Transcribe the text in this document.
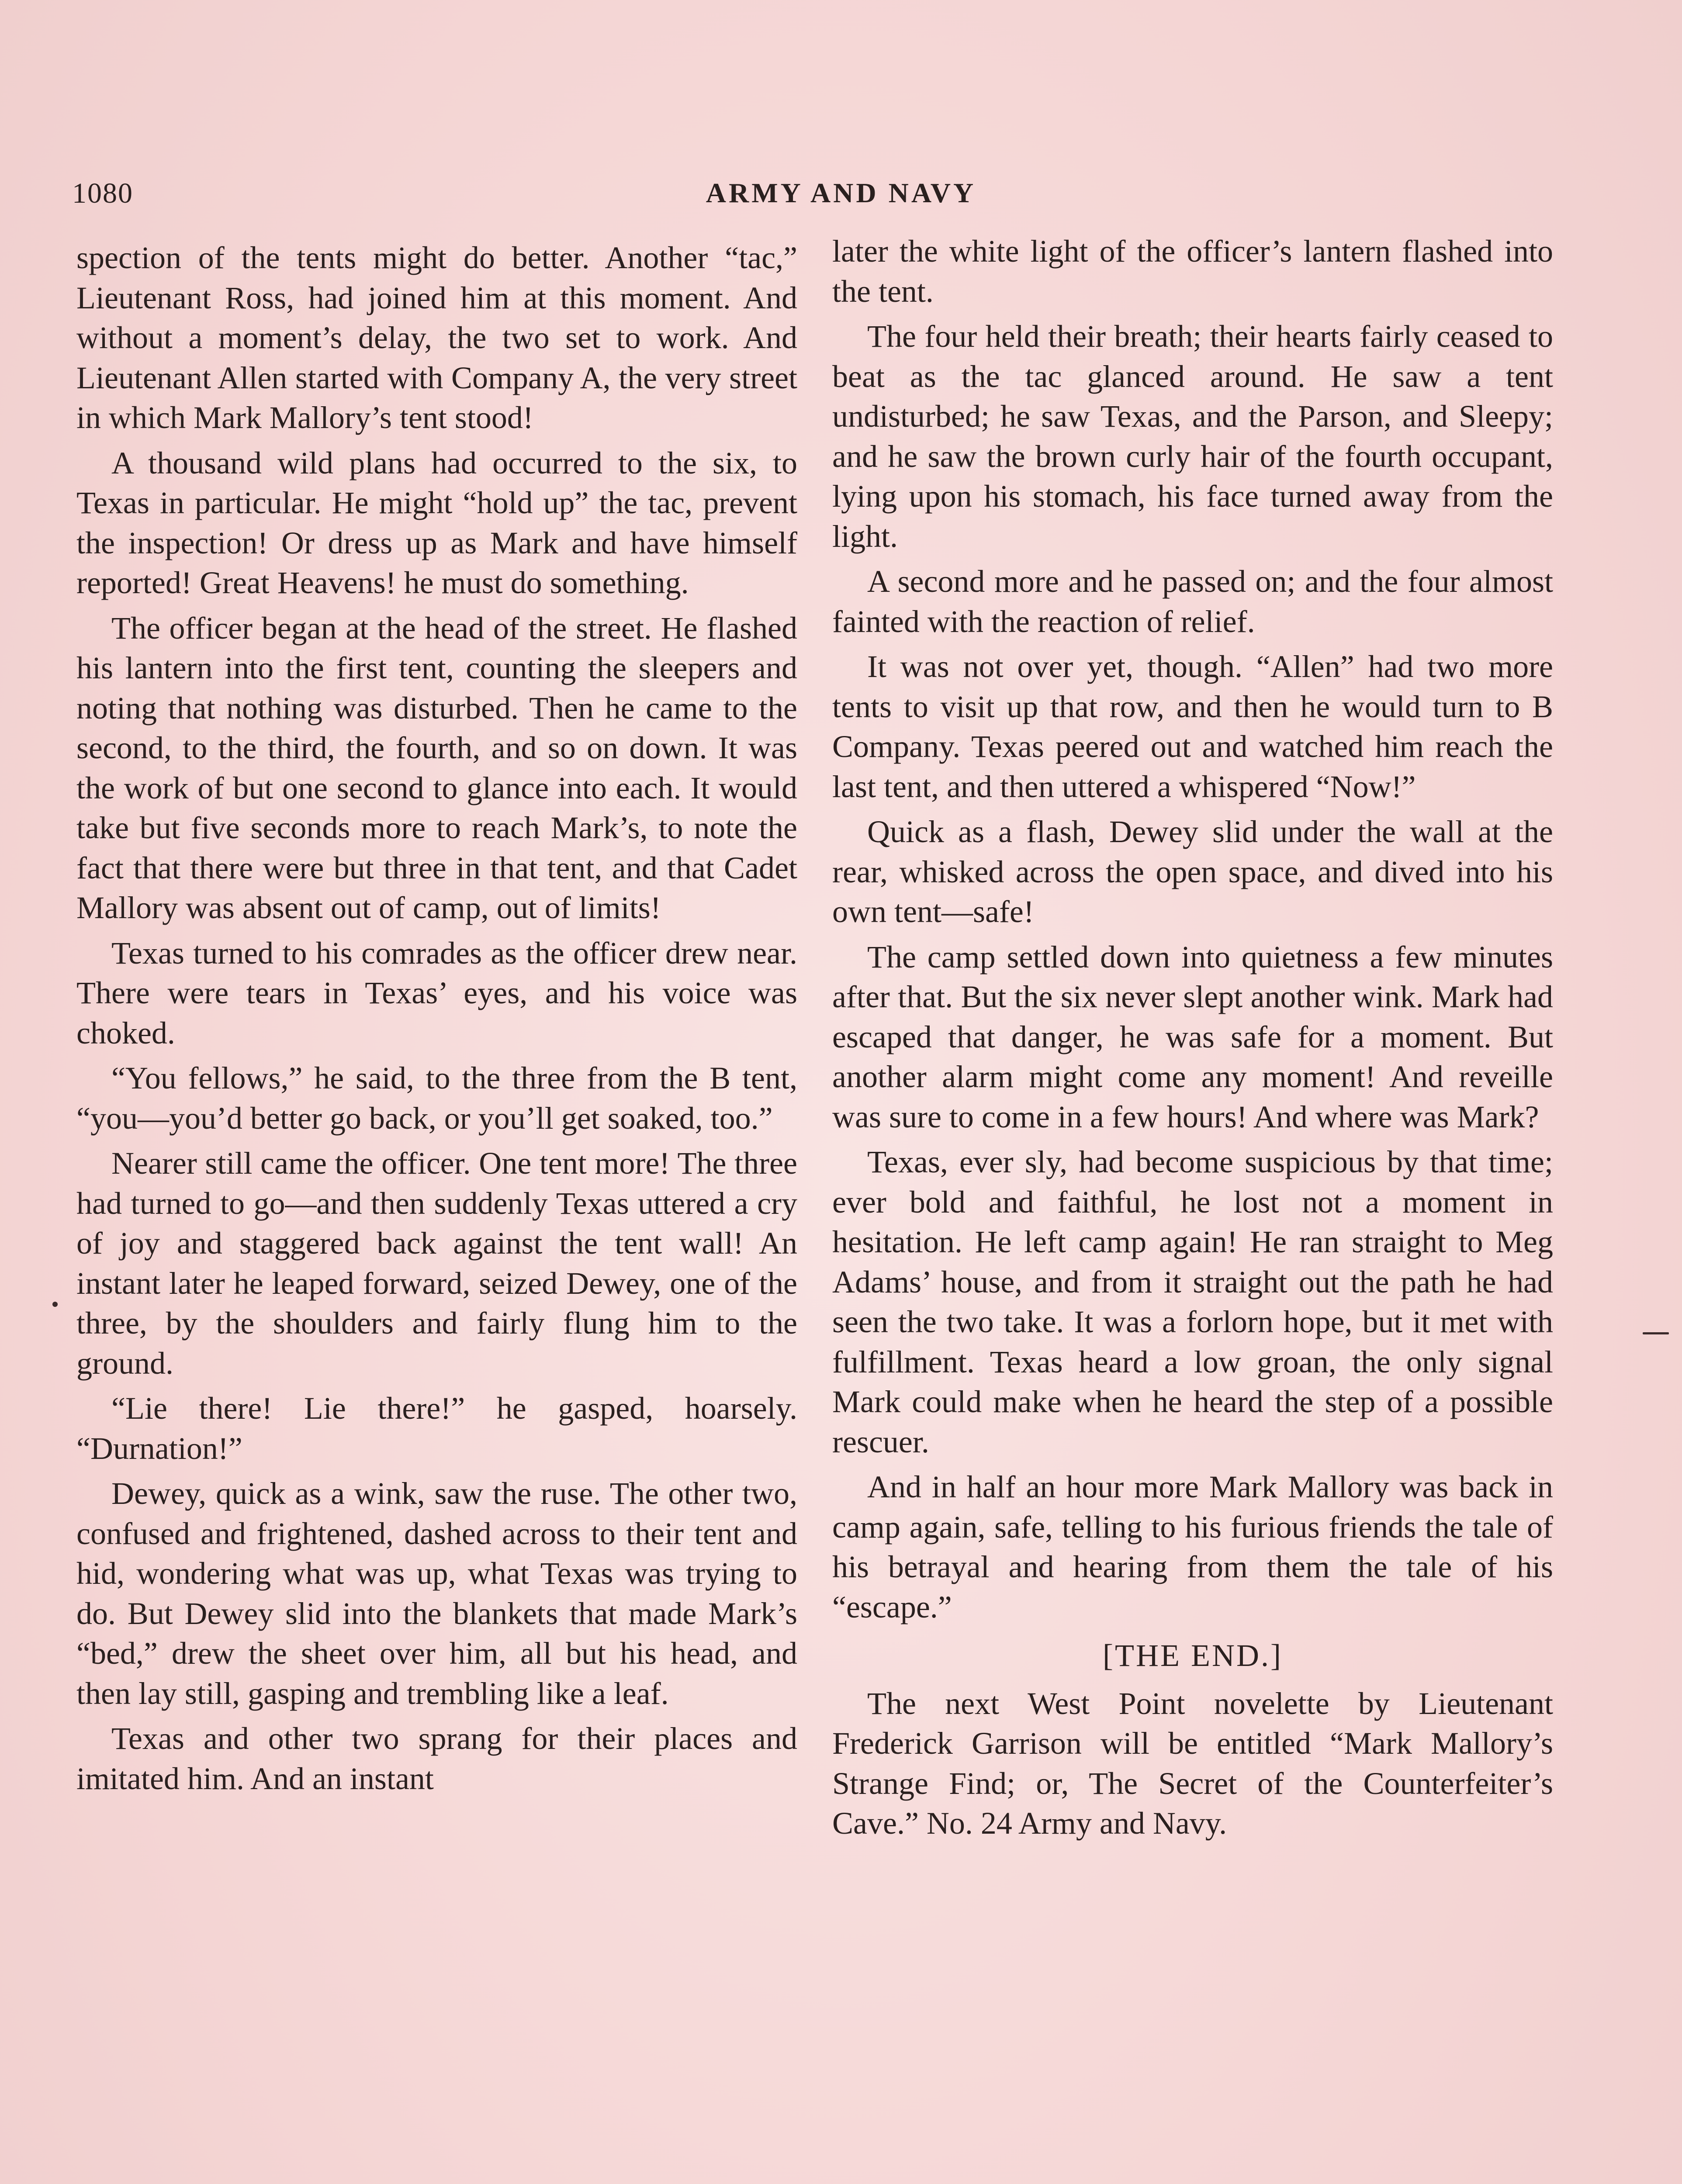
1080	ARMY AND NAVY

spection of the tents might do better. Another “tac,” Lieutenant Ross, had joined him at this moment. And without a moment’s delay, the two set to work. And Lieutenant Allen started with Company A, the very street in which Mark Mallory’s tent stood!

A thousand wild plans had occurred to the six, to Texas in particular. He might “hold up” the tac, prevent the inspection! Or dress up as Mark and have himself reported! Great Heavens! he must do something.

The officer began at the head of the street. He flashed his lantern into the first tent, counting the sleepers and noting that nothing was disturbed. Then he came to the second, to the third, the fourth, and so on down. It was the work of but one second to glance into each. It would take but five seconds more to reach Mark’s, to note the fact that there were but three in that tent, and that Cadet Mallory was absent out of camp, out of limits!

Texas turned to his comrades as the officer drew near. There were tears in Texas’ eyes, and his voice was choked.

“You fellows,” he said, to the three from the B tent, “you—you’d better go back, or you’ll get soaked, too.”

Nearer still came the officer. One tent more! The three had turned to go—and then suddenly Texas uttered a cry of joy and staggered back against the tent wall! An instant later he leaped forward, seized Dewey, one of the three, by the shoulders and fairly flung him to the ground.

“Lie there! Lie there!” he gasped, hoarsely. “Durnation!”

Dewey, quick as a wink, saw the ruse. The other two, confused and frightened, dashed across to their tent and hid, wondering what was up, what Texas was trying to do. But Dewey slid into the blankets that made Mark’s “bed,” drew the sheet over him, all but his head, and then lay still, gasping and trembling like a leaf.

Texas and other two sprang for their places and imitated him. And an instant

later the white light of the officer’s lantern flashed into the tent.

The four held their breath; their hearts fairly ceased to beat as the tac glanced around. He saw a tent undisturbed; he saw Texas, and the Parson, and Sleepy; and he saw the brown curly hair of the fourth occupant, lying upon his stomach, his face turned away from the light.

A second more and he passed on; and the four almost fainted with the reaction of relief.

It was not over yet, though. “Allen” had two more tents to visit up that row, and then he would turn to B Company. Texas peered out and watched him reach the last tent, and then uttered a whispered “Now!”

Quick as a flash, Dewey slid under the wall at the rear, whisked across the open space, and dived into his own tent—safe!

The camp settled down into quietness a few minutes after that. But the six never slept another wink. Mark had escaped that danger, he was safe for a moment. But another alarm might come any moment! And reveille was sure to come in a few hours! And where was Mark?

Texas, ever sly, had become suspicious by that time; ever bold and faithful, he lost not a moment in hesitation. He left camp again! He ran straight to Meg Adams’ house, and from it straight out the path he had seen the two take. It was a forlorn hope, but it met with fulfillment. Texas heard a low groan, the only signal Mark could make when he heard the step of a possible rescuer.

And in half an hour more Mark Mallory was back in camp again, safe, telling to his furious friends the tale of his betrayal and hearing from them the tale of his “escape.”

[THE END.]

The next West Point novelette by Lieutenant Frederick Garrison will be entitled “Mark Mallory’s Strange Find; or, The Secret of the Counterfeiter’s Cave.” No. 24 Army and Navy.
